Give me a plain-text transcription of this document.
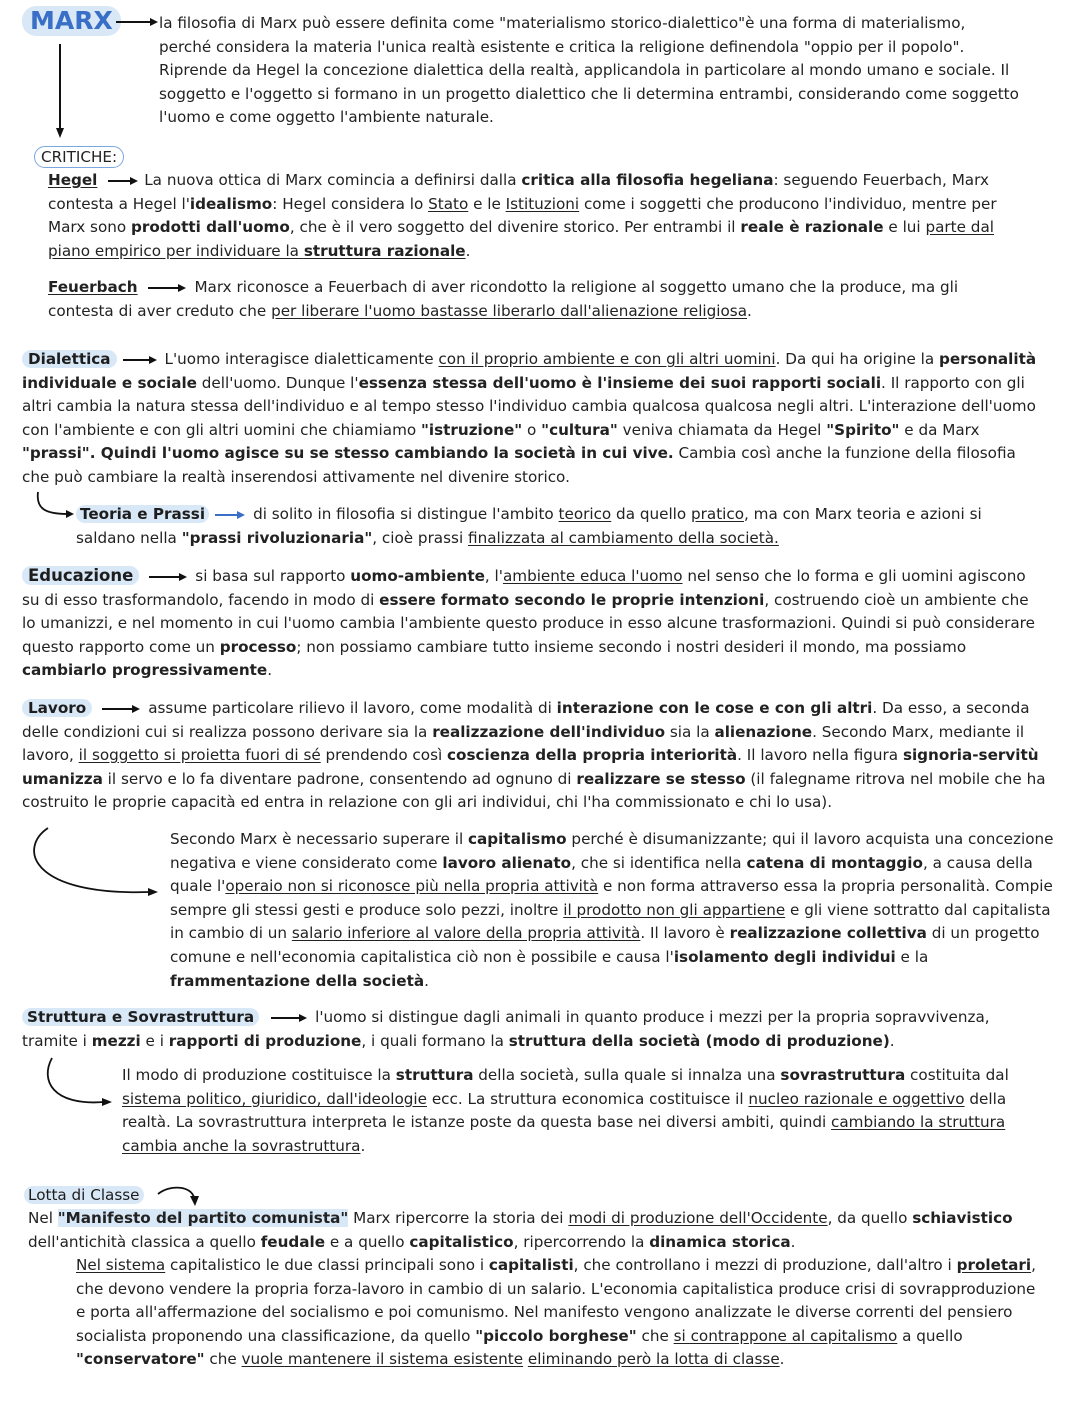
MARX	la filosofia di Marx può essere definita come "materialismo storico-dialettico"è una forma di materialismo, perché considera la materia l'unica realtà esistente e critica la religione definendola "oppio per il popolo". Riprende da Hegel la concezione dialettica della realtà, applicandola in particolare al mondo umano e sociale. Il soggetto e l'oggetto si formano in un progetto dialettico che li determina entrambi, considerando come soggetto l'uomo e come oggetto l'ambiente naturale.

CRITICHE:

Hegel	La nuova ottica di Marx comincia a definirsi dalla critica alla filosofia hegeliana: seguendo Feuerbach, Marx contesta a Hegel l'idealismo: Hegel considera lo Stato e le Istituzioni come i soggetti che producono l'individuo, mentre per Marx sono prodotti dall'uomo, che è il vero soggetto del divenire storico. Per entrambi il reale è razionale e lui parte dal piano empirico per individuare la struttura razionale.

Feuerbach	Marx riconosce a Feuerbach di aver ricondotto la religione al soggetto umano che la produce, ma gli contesta di aver creduto che per liberare l'uomo bastasse liberarlo dall'alienazione religiosa.

Dialettica	L'uomo interagisce dialetticamente con il proprio ambiente e con gli altri uomini. Da qui ha origine la personalità individuale e sociale dell'uomo. Dunque l'essenza stessa dell'uomo è l'insieme dei suoi rapporti sociali. Il rapporto con gli altri cambia la natura stessa dell'individuo e al tempo stesso l'individuo cambia qualcosa qualcosa negli altri. L'interazione dell'uomo con l'ambiente e con gli altri uomini che chiamiamo "istruzione" o "cultura" veniva chiamata da Hegel "Spirito" e da Marx "prassi". Quindi l'uomo agisce su se stesso cambiando la società in cui vive. Cambia così anche la funzione della filosofia che può cambiare la realtà inserendosi attivamente nel divenire storico.

Teoria e Prassi	di solito in filosofia si distingue l'ambito teorico da quello pratico, ma con Marx teoria e azioni si saldano nella "prassi rivoluzionaria", cioè prassi finalizzata al cambiamento della società.

Educazione	si basa sul rapporto uomo-ambiente, l'ambiente educa l'uomo nel senso che lo forma e gli uomini agiscono su di esso trasformandolo, facendo in modo di essere formato secondo le proprie intenzioni, costruendo cioè un ambiente che lo umanizzi, e nel momento in cui l'uomo cambia l'ambiente questo produce in esso alcune trasformazioni. Quindi si può considerare questo rapporto come un processo; non possiamo cambiare tutto insieme secondo i nostri desideri il mondo, ma possiamo cambiarlo progressivamente.

Lavoro	assume particolare rilievo il lavoro, come modalità di interazione con le cose e con gli altri. Da esso, a seconda delle condizioni cui si realizza possono derivare sia la realizzazione dell'individuo sia la alienazione. Secondo Marx, mediante il lavoro, il soggetto si proietta fuori di sé prendendo così coscienza della propria interiorità. Il lavoro nella figura signoria-servitù umanizza il servo e lo fa diventare padrone, consentendo ad ognuno di realizzare se stesso (il falegname ritrova nel mobile che ha costruito le proprie capacità ed entra in relazione con gli ari individui, chi l'ha commissionato e chi lo usa).

Secondo Marx è necessario superare il capitalismo perché è disumanizzante; qui il lavoro acquista una concezione negativa e viene considerato come lavoro alienato, che si identifica nella catena di montaggio, a causa della quale l'operaio non si riconosce più nella propria attività e non forma attraverso essa la propria personalità. Compie sempre gli stessi gesti e produce solo pezzi, inoltre il prodotto non gli appartiene e gli viene sottratto dal capitalista in cambio di un salario inferiore al valore della propria attività. Il lavoro è realizzazione collettiva di un progetto comune e nell'economia capitalistica ciò non è possibile e causa l'isolamento degli individui e la frammentazione della società.

Struttura e Sovrastruttura	l'uomo si distingue dagli animali in quanto produce i mezzi per la propria sopravvivenza, tramite i mezzi e i rapporti di produzione, i quali formano la struttura della società (modo di produzione).

Il modo di produzione costituisce la struttura della società, sulla quale si innalza una sovrastruttura costituita dal sistema politico, giuridico, dall'ideologie ecc. La struttura economica costituisce il nucleo razionale e oggettivo della realtà. La sovrastruttura interpreta le istanze poste da questa base nei diversi ambiti, quindi cambiando la struttura cambia anche la sovrastruttura.

Lotta di Classe

Nel "Manifesto del partito comunista" Marx ripercorre la storia dei modi di produzione dell'Occidente, da quello schiavistico dell'antichità classica a quello feudale e a quello capitalistico, ripercorrendo la dinamica storica.

Nel sistema capitalistico le due classi principali sono i capitalisti, che controllano i mezzi di produzione, dall'altro i proletari, che devono vendere la propria forza-lavoro in cambio di un salario. L'economia capitalistica produce crisi di sovrapproduzione e porta all'affermazione del socialismo e poi comunismo. Nel manifesto vengono analizzate le diverse correnti del pensiero socialista proponendo una classificazione, da quello "piccolo borghese" che si contrappone al capitalismo a quello "conservatore" che vuole mantenere il sistema esistente eliminando però la lotta di classe.
